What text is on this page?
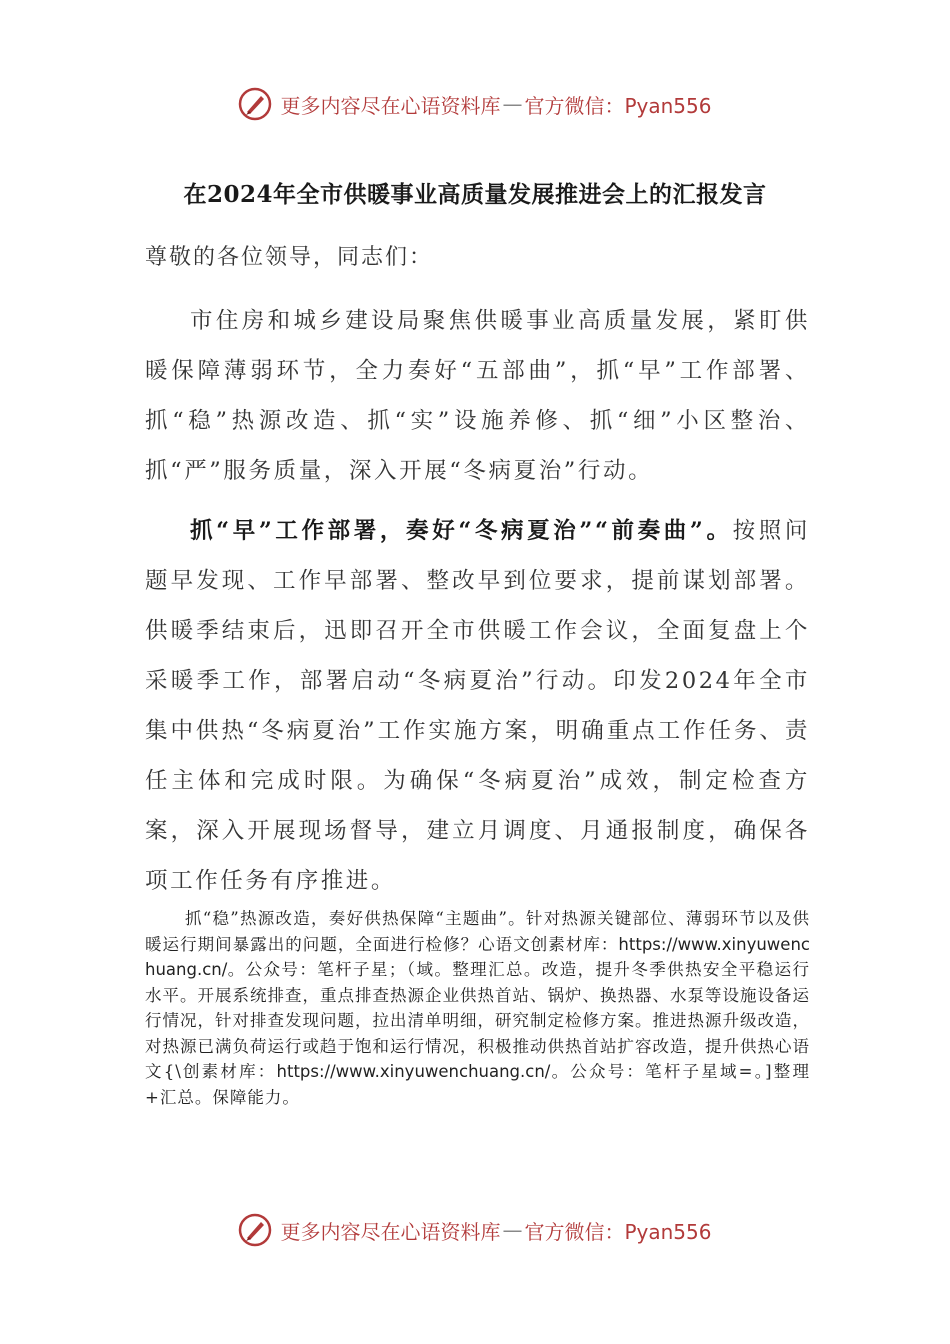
更多内容尽在心语资料库 — 官方微信：Pyan556
在2024年全市供暖事业高质量发展推进会上的汇报发言
尊敬的各位领导，同志们：

市住房和城乡建设局聚焦供暖事业高质量发展，紧盯供暖保障薄弱环节，全力奏好“五部曲”，抓“早”工作部署、抓“稳”热源改造、抓“实”设施养修、抓“细”小区整治、抓“严”服务质量，深入开展“冬病夏治”行动。

抓“早”工作部署，奏好“冬病夏治”“前奏曲”。按照问题早发现、工作早部署、整改早到位要求，提前谋划部署。供暖季结束后，迅即召开全市供暖工作会议，全面复盘上个采暖季工作，部署启动“冬病夏治”行动。印发2024年全市集中供热“冬病夏治”工作实施方案，明确重点工作任务、责任主体和完成时限。为确保“冬病夏治”成效，制定检查方案，深入开展现场督导，建立月调度、月通报制度，确保各项工作任务有序推进。

抓“稳”热源改造，奏好供热保障“主题曲”。针对热源关键部位、薄弱环节以及供暖运行期间暴露出的问题，全面进行检修？心语文创素材库：https://www.xinyuwenchuang.cn/。公众号：笔杆子星；（域。整理汇总。改造，提升冬季供热安全平稳运行水平。开展系统排查，重点排查热源企业供热首站、锅炉、换热器、水泵等设施设备运行情况，针对排查发现问题，拉出清单明细，研究制定检修方案。推进热源升级改造，对热源已满负荷运行或趋于饱和运行情况，积极推动供热首站扩容改造，提升供热心语文{\创素材库：https://www.xinyuwenchuang.cn/。公众号：笔杆子星域=。]整理+汇总。保障能力。

更多内容尽在心语资料库 — 官方微信：Pyan556
